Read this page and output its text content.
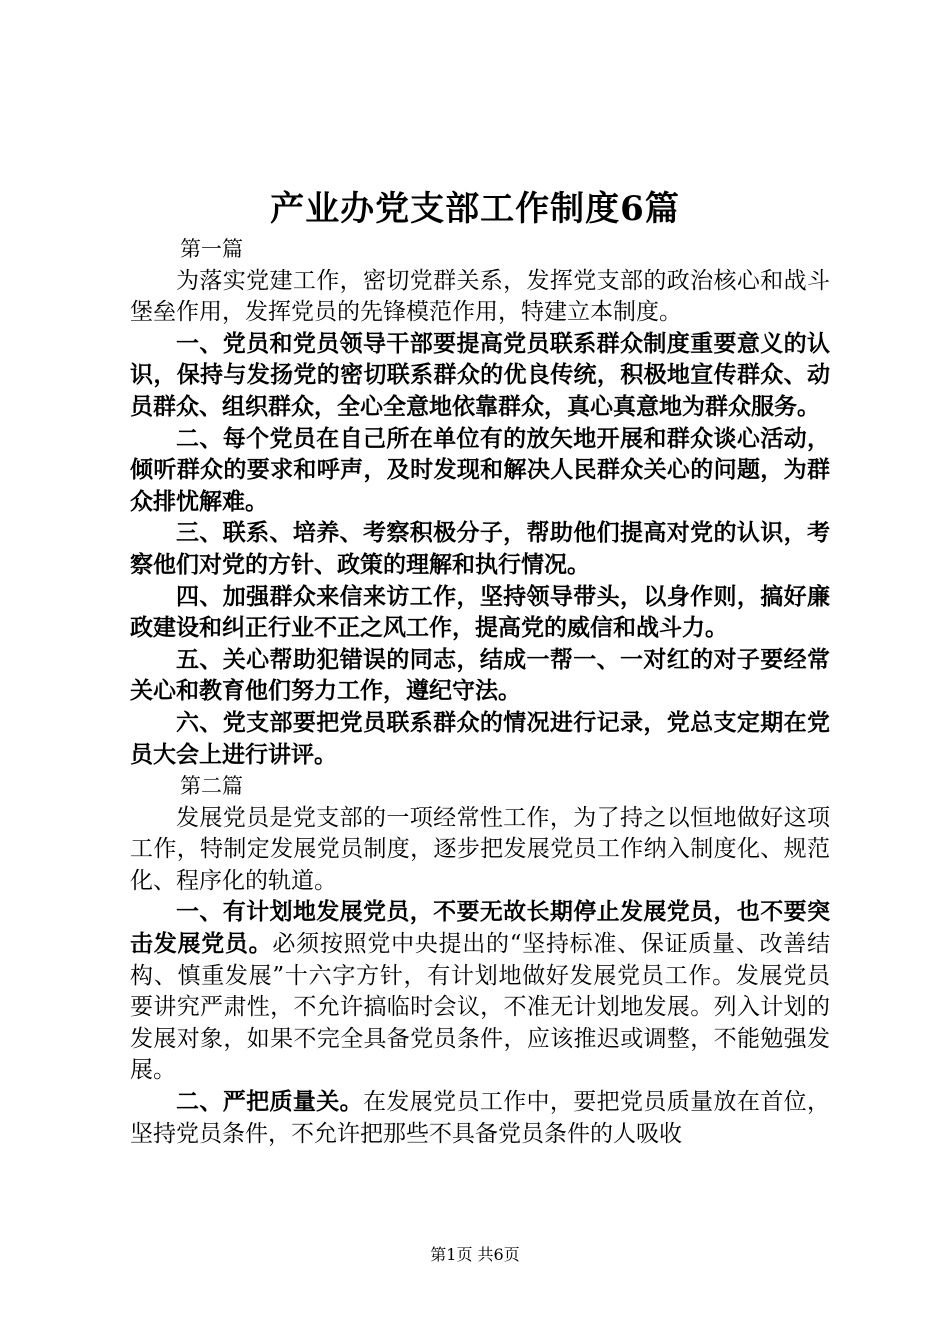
产业办党支部工作制度6篇

第一篇

为落实党建工作，密切党群关系，发挥党支部的政治核心和战斗堡垒作用，发挥党员的先锋模范作用，特建立本制度。

一、党员和党员领导干部要提高党员联系群众制度重要意义的认识，保持与发扬党的密切联系群众的优良传统，积极地宣传群众、动员群众、组织群众，全心全意地依靠群众，真心真意地为群众服务。

二、每个党员在自己所在单位有的放矢地开展和群众谈心活动，倾听群众的要求和呼声，及时发现和解决人民群众关心的问题，为群众排忧解难。

三、联系、培养、考察积极分子，帮助他们提高对党的认识，考察他们对党的方针、政策的理解和执行情况。

四、加强群众来信来访工作，坚持领导带头，以身作则，搞好廉政建设和纠正行业不正之风工作，提高党的威信和战斗力。

五、关心帮助犯错误的同志，结成一帮一、一对红的对子要经常关心和教育他们努力工作，遵纪守法。

六、党支部要把党员联系群众的情况进行记录，党总支定期在党员大会上进行讲评。

第二篇

发展党员是党支部的一项经常性工作，为了持之以恒地做好这项工作，特制定发展党员制度，逐步把发展党员工作纳入制度化、规范化、程序化的轨道。

一、有计划地发展党员，不要无故长期停止发展党员，也不要突击发展党员。必须按照党中央提出的“坚持标准、保证质量、改善结构、慎重发展”十六字方针，有计划地做好发展党员工作。发展党员要讲究严肃性，不允许搞临时会议，不准无计划地发展。列入计划的发展对象，如果不完全具备党员条件，应该推迟或调整，不能勉强发展。

二、严把质量关。在发展党员工作中，要把党员质量放在首位，坚持党员条件，不允许把那些不具备党员条件的人吸收

第1页 共6页
